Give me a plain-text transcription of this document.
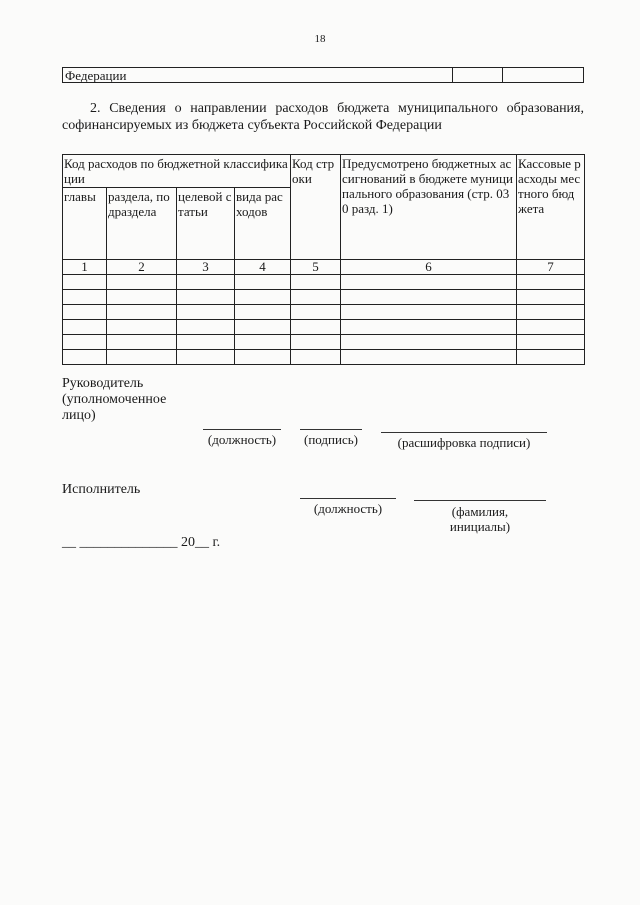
18
Федерации
2. Сведения о направлении расходов бюджета муниципального образования, софинансируемых из бюджета субъекта Российской Федерации
Код расходов по бюджетной классификации				Код строки	Предусмотрено бюджетных ассигнований в бюджете муниципального образования (стр. 030 разд. 1)	Кассовые расходы местного бюджета
главы	раздела, подраздела	целевой статьи	вида расходов			
1	2	3	4	5	6	7

Руководитель (уполномоченное лицо)
(должность)	(подпись)	(расшифровка подписи)
Исполнитель
(должность)	(фамилия, инициалы)
__ ______________ 20__ г.
